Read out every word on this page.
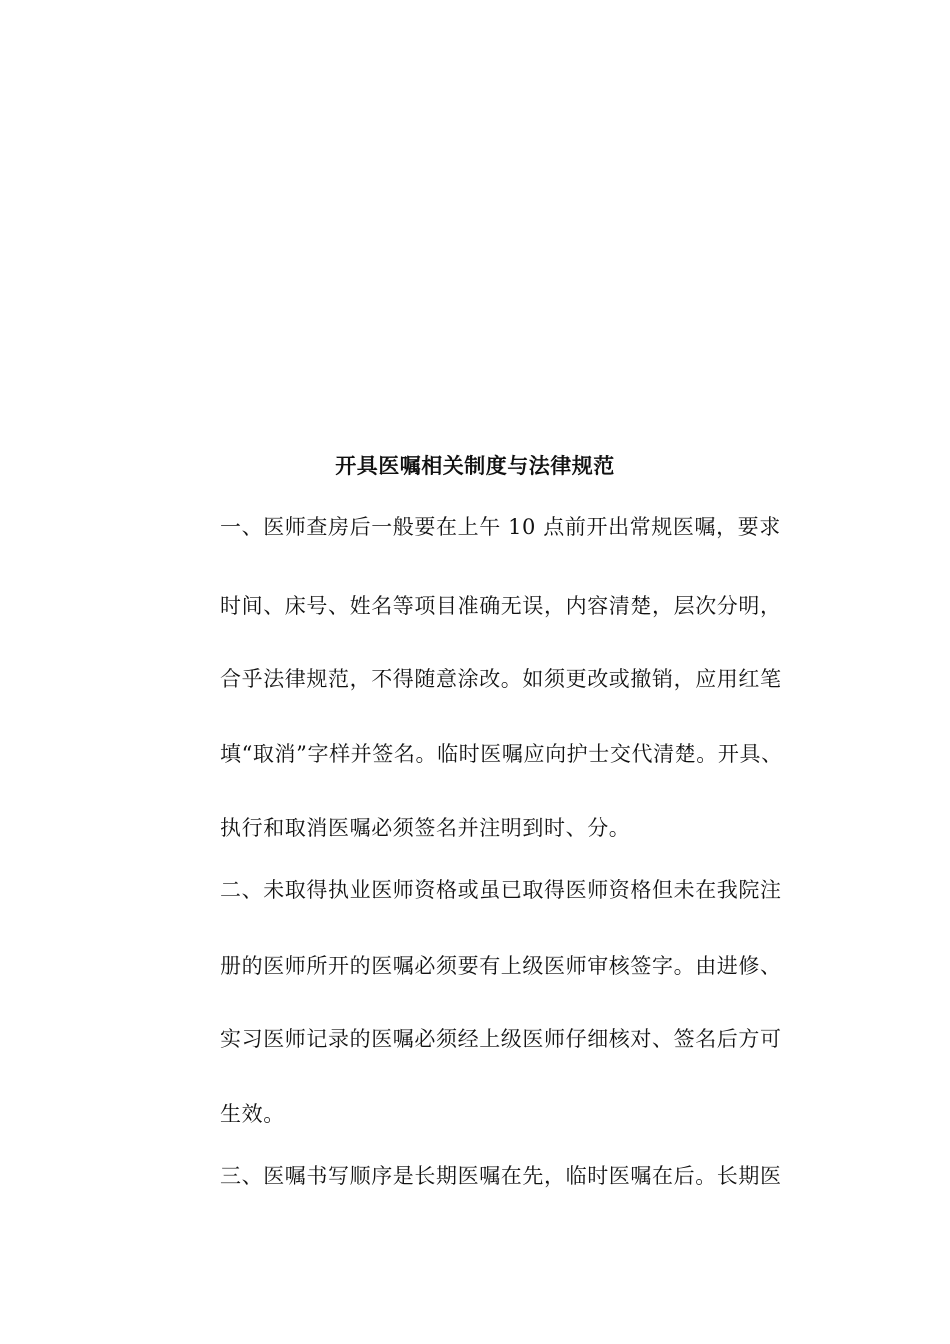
开具医嘱相关制度与法律规范
一、医师查房后一般要在上午 10 点前开出常规医嘱，要求
时间、床号、姓名等项目准确无误，内容清楚，层次分明，
合乎法律规范，不得随意涂改。如须更改或撤销，应用红笔
填“取消”字样并签名。临时医嘱应向护士交代清楚。开具、
执行和取消医嘱必须签名并注明到时、分。
二、未取得执业医师资格或虽已取得医师资格但未在我院注
册的医师所开的医嘱必须要有上级医师审核签字。由进修、
实习医师记录的医嘱必须经上级医师仔细核对、签名后方可
生效。
三、医嘱书写顺序是长期医嘱在先，临时医嘱在后。长期医
